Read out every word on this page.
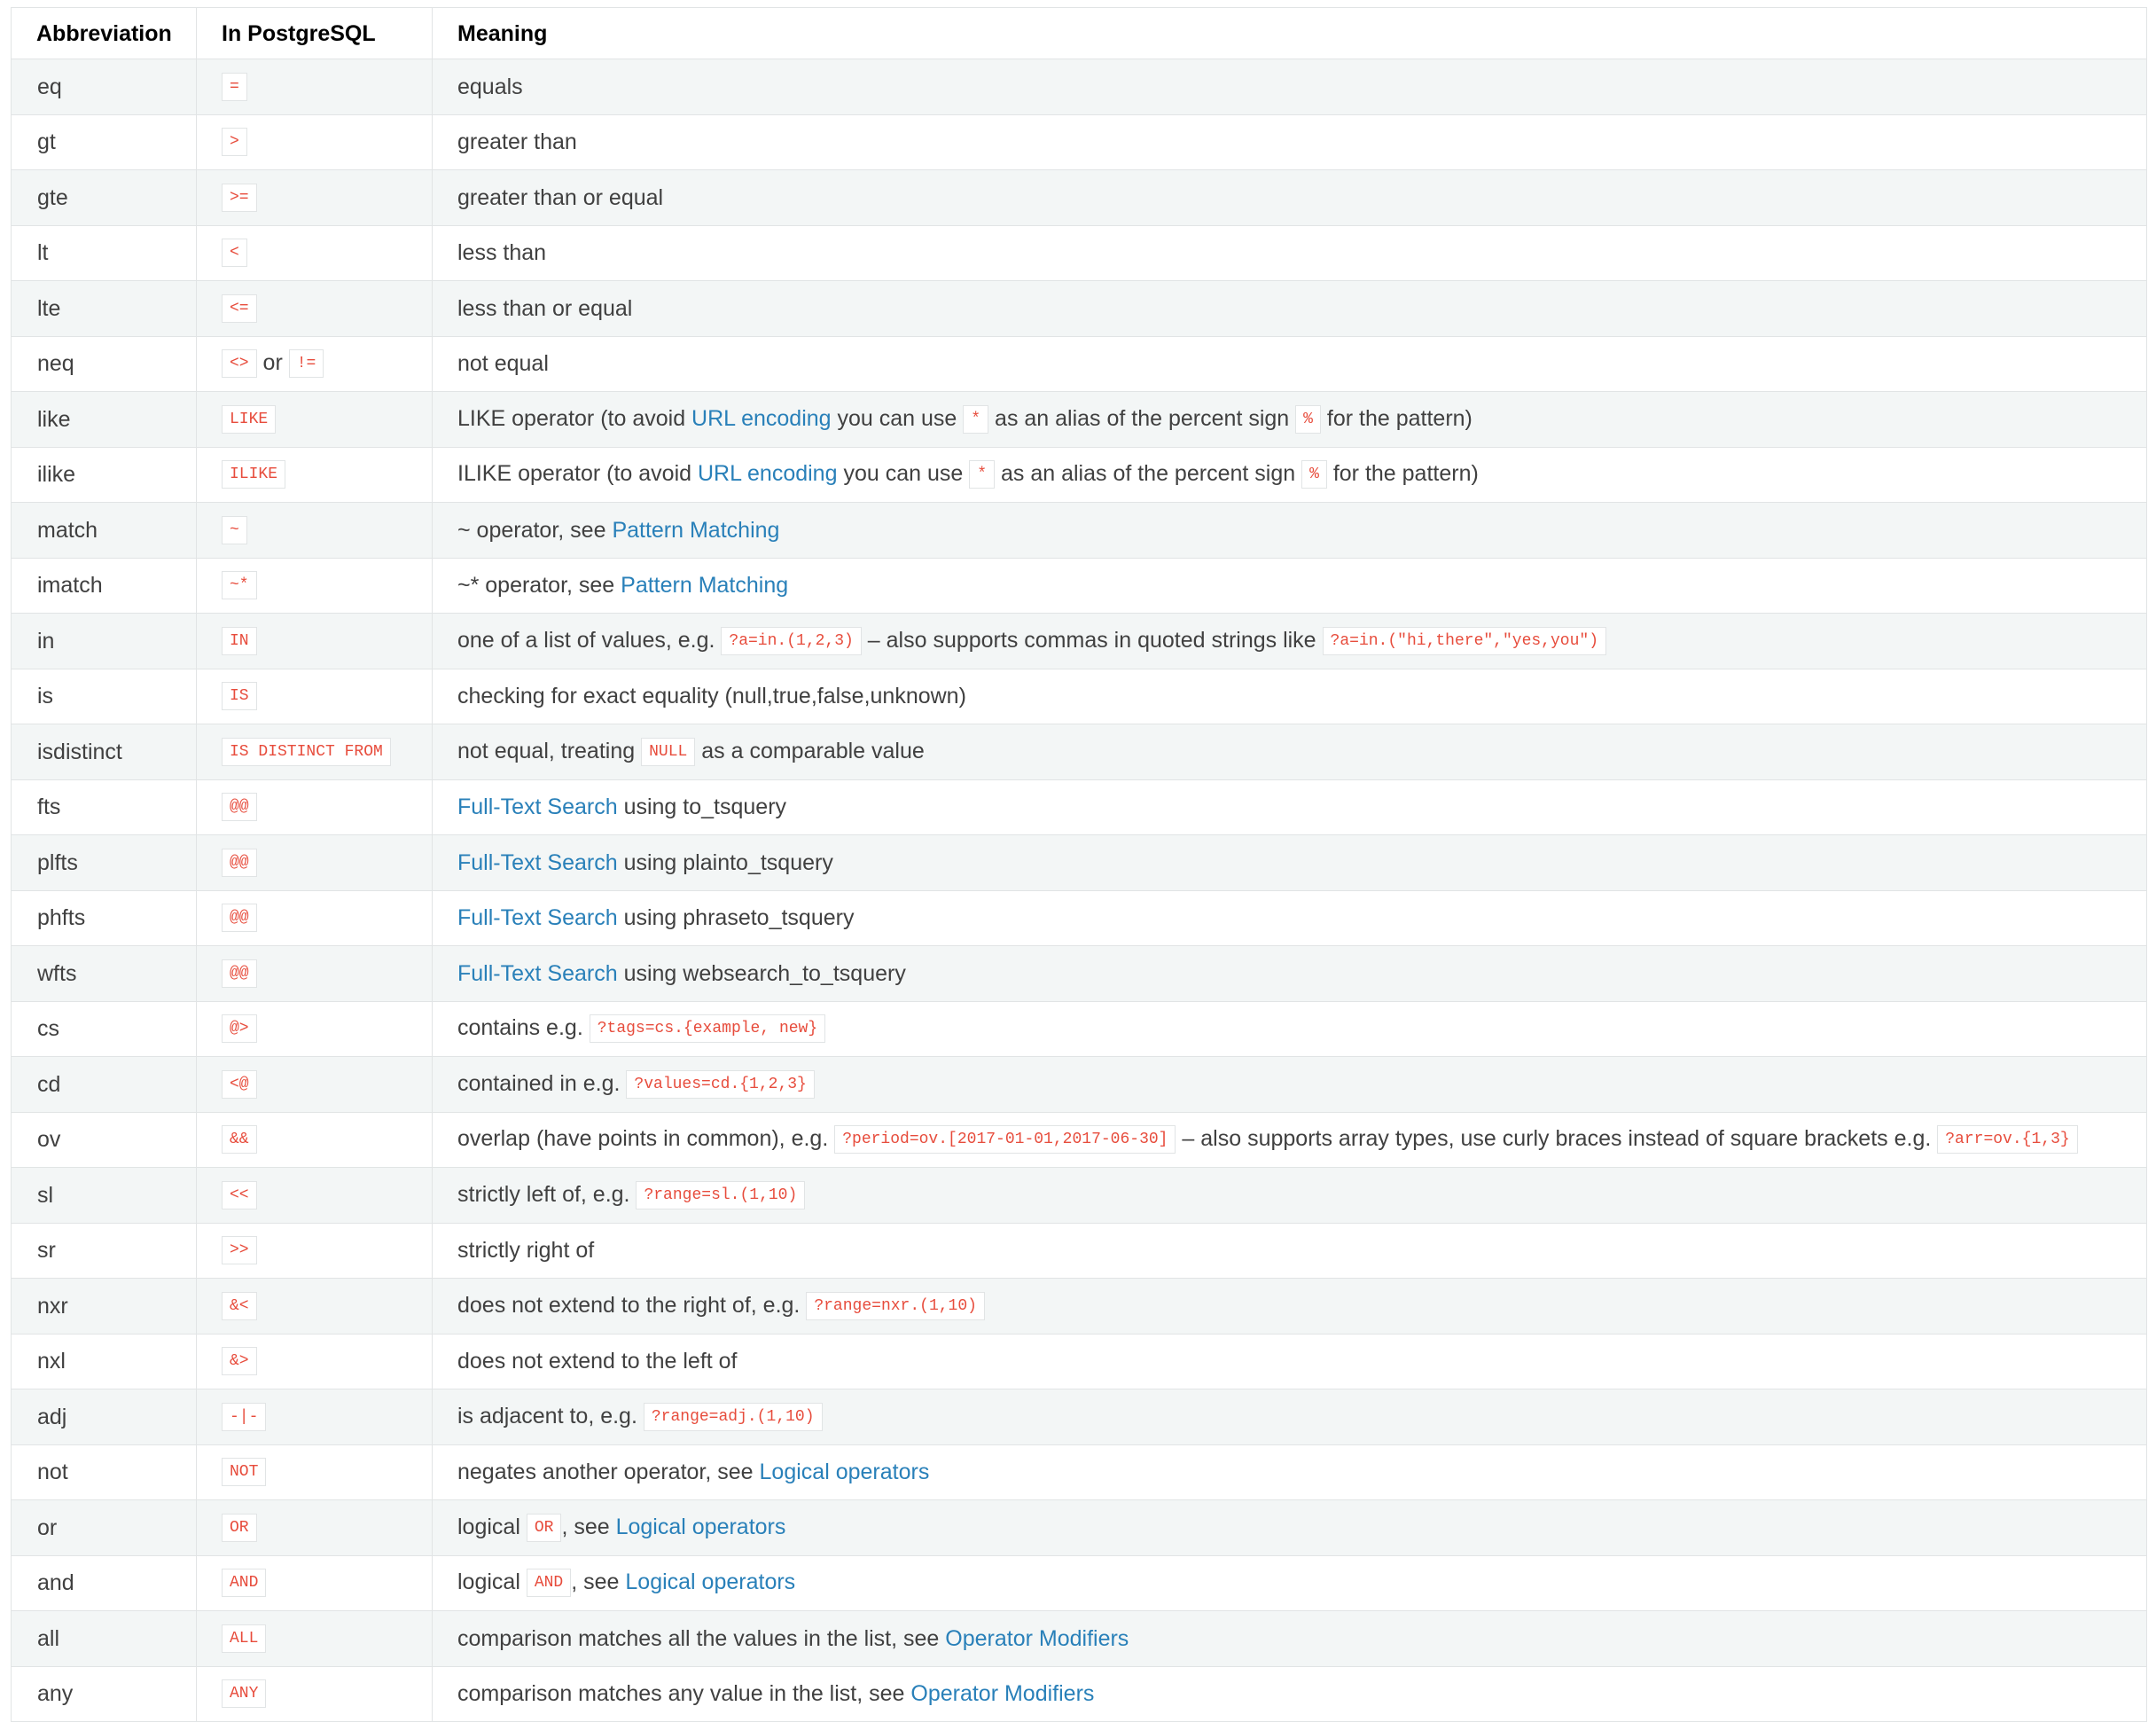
Abbreviation	In PostgreSQL	Meaning
eq	=	equals
gt	>	greater than
gte	>=	greater than or equal
lt	<	less than
lte	<=	less than or equal
neq	<> or !=	not equal
like	LIKE	LIKE operator (to avoid URL encoding you can use * as an alias of the percent sign % for the pattern)
ilike	ILIKE	ILIKE operator (to avoid URL encoding you can use * as an alias of the percent sign % for the pattern)
match	~	~ operator, see Pattern Matching
imatch	~*	~* operator, see Pattern Matching
in	IN	one of a list of values, e.g. ?a=in.(1,2,3) – also supports commas in quoted strings like ?a=in.("hi,there","yes,you")
is	IS	checking for exact equality (null,true,false,unknown)
isdistinct	IS DISTINCT FROM	not equal, treating NULL as a comparable value
fts	@@	Full-Text Search using to_tsquery
plfts	@@	Full-Text Search using plainto_tsquery
phfts	@@	Full-Text Search using phraseto_tsquery
wfts	@@	Full-Text Search using websearch_to_tsquery
cs	@>	contains e.g. ?tags=cs.{example, new}
cd	<@	contained in e.g. ?values=cd.{1,2,3}
ov	&&	overlap (have points in common), e.g. ?period=ov.[2017-01-01,2017-06-30] – also supports array types, use curly braces instead of square brackets e.g. ?arr=ov.{1,3}
sl	<<	strictly left of, e.g. ?range=sl.(1,10)
sr	>>	strictly right of
nxr	&<	does not extend to the right of, e.g. ?range=nxr.(1,10)
nxl	&>	does not extend to the left of
adj	-|-	is adjacent to, e.g. ?range=adj.(1,10)
not	NOT	negates another operator, see Logical operators
or	OR	logical OR , see Logical operators
and	AND	logical AND , see Logical operators
all	ALL	comparison matches all the values in the list, see Operator Modifiers
any	ANY	comparison matches any value in the list, see Operator Modifiers
